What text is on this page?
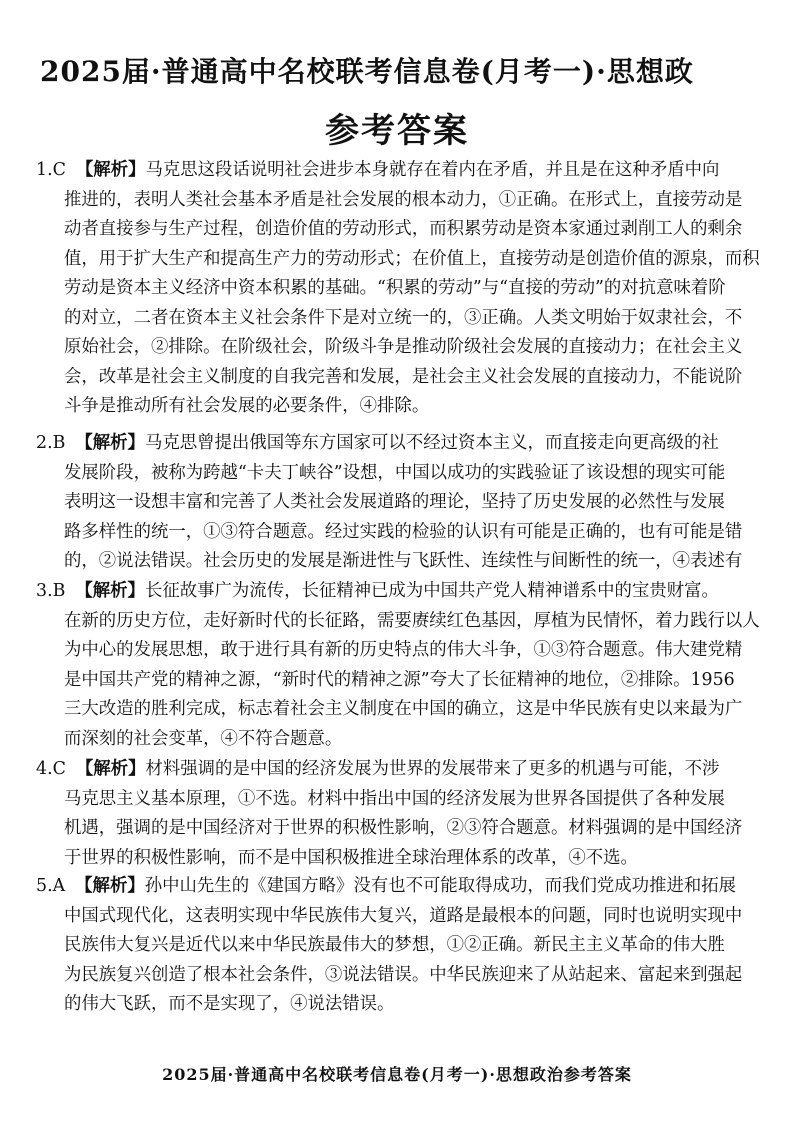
2025届·普通高中名校联考信息卷(月考一)·思想政
参考答案
1.C 【解析】马克思这段话说明社会进步本身就存在着内在矛盾，并且是在这种矛盾中向
推进的，表明人类社会基本矛盾是社会发展的根本动力，①正确。在形式上，直接劳动是
动者直接参与生产过程，创造价值的劳动形式，而积累劳动是资本家通过剥削工人的剩余
值，用于扩大生产和提高生产力的劳动形式；在价值上，直接劳动是创造价值的源泉，而积
劳动是资本主义经济中资本积累的基础。“积累的劳动”与“直接的劳动”的对抗意味着阶
的对立，二者在资本主义社会条件下是对立统一的，③正确。人类文明始于奴隶社会，不
原始社会，②排除。在阶级社会，阶级斗争是推动阶级社会发展的直接动力；在社会主义
会，改革是社会主义制度的自我完善和发展，是社会主义社会发展的直接动力，不能说阶
斗争是推动所有社会发展的必要条件，④排除。
2.B 【解析】马克思曾提出俄国等东方国家可以不经过资本主义，而直接走向更高级的社
发展阶段，被称为跨越“卡夫丁峡谷”设想，中国以成功的实践验证了该设想的现实可能
表明这一设想丰富和完善了人类社会发展道路的理论，坚持了历史发展的必然性与发展
路多样性的统一，①③符合题意。经过实践的检验的认识有可能是正确的，也有可能是错
的，②说法错误。社会历史的发展是渐进性与飞跃性、连续性与间断性的统一，④表述有
3.B 【解析】长征故事广为流传，长征精神已成为中国共产党人精神谱系中的宝贵财富。
在新的历史方位，走好新时代的长征路，需要赓续红色基因，厚植为民情怀，着力践行以人
为中心的发展思想，敢于进行具有新的历史特点的伟大斗争，①③符合题意。伟大建党精
是中国共产党的精神之源，“新时代的精神之源”夸大了长征精神的地位，②排除。1956
三大改造的胜利完成，标志着社会主义制度在中国的确立，这是中华民族有史以来最为广
而深刻的社会变革，④不符合题意。
4.C 【解析】材料强调的是中国的经济发展为世界的发展带来了更多的机遇与可能，不涉
马克思主义基本原理，①不选。材料中指出中国的经济发展为世界各国提供了各种发展
机遇，强调的是中国经济对于世界的积极性影响，②③符合题意。材料强调的是中国经济
于世界的积极性影响，而不是中国积极推进全球治理体系的改革，④不选。
5.A 【解析】孙中山先生的《建国方略》没有也不可能取得成功，而我们党成功推进和拓展
中国式现代化，这表明实现中华民族伟大复兴，道路是最根本的问题，同时也说明实现中
民族伟大复兴是近代以来中华民族最伟大的梦想，①②正确。新民主主义革命的伟大胜
为民族复兴创造了根本社会条件，③说法错误。中华民族迎来了从站起来、富起来到强起
的伟大飞跃，而不是实现了，④说法错误。
2025届·普通高中名校联考信息卷(月考一)·思想政治参考答案
